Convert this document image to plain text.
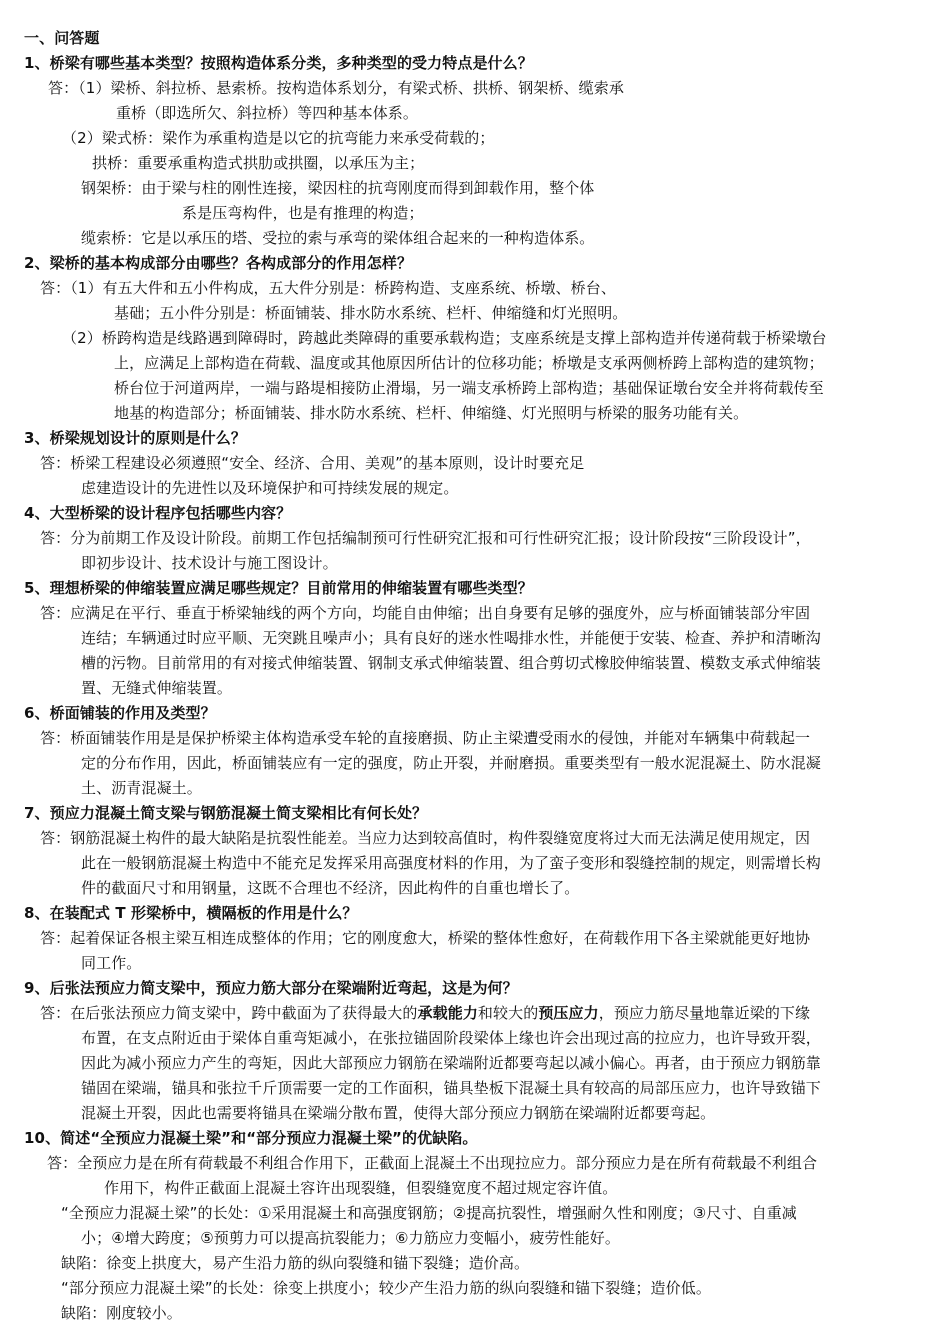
一、问答题
1、桥梁有哪些基本类型？按照构造体系分类，多种类型的受力特点是什么？
答：（1）梁桥、斜拉桥、悬索桥。按构造体系划分，有梁式桥、拱桥、钢架桥、缆索承
重桥（即选所欠、斜拉桥）等四种基本体系。
（2）梁式桥：梁作为承重构造是以它的抗弯能力来承受荷载的；
拱桥：重要承重构造式拱肋或拱圈，以承压为主；
钢架桥：由于梁与柱的刚性连接，梁因柱的抗弯刚度而得到卸载作用，整个体
系是压弯构件，也是有推理的构造；
缆索桥：它是以承压的塔、受拉的索与承弯的梁体组合起来的一种构造体系。
2、梁桥的基本构成部分由哪些？各构成部分的作用怎样？
答：（1）有五大件和五小件构成，五大件分别是：桥跨构造、支座系统、桥墩、桥台、
基础；五小件分别是：桥面铺装、排水防水系统、栏杆、伸缩缝和灯光照明。
（2）桥跨构造是线路遇到障碍时，跨越此类障碍的重要承载构造；支座系统是支撑上部构造并传递荷载于桥梁墩台
上，应满足上部构造在荷载、温度或其他原因所估计的位移功能；桥墩是支承两侧桥跨上部构造的建筑物；
桥台位于河道两岸，一端与路堤相接防止滑塌，另一端支承桥跨上部构造；基础保证墩台安全并将荷载传至
地基的构造部分；桥面铺装、排水防水系统、栏杆、伸缩缝、灯光照明与桥梁的服务功能有关。
3、桥梁规划设计的原则是什么？
答：桥梁工程建设必须遵照“安全、经济、合用、美观”的基本原则，设计时要充足
虑建造设计的先进性以及环境保护和可持续发展的规定。
4、大型桥梁的设计程序包括哪些内容？
答：分为前期工作及设计阶段。前期工作包括编制预可行性研究汇报和可行性研究汇报；设计阶段按“三阶段设计”，
即初步设计、技术设计与施工图设计。
5、理想桥梁的伸缩装置应满足哪些规定？目前常用的伸缩装置有哪些类型？
答：应满足在平行、垂直于桥梁轴线的两个方向，均能自由伸缩；出自身要有足够的强度外，应与桥面铺装部分牢固
连结；车辆通过时应平顺、无突跳且噪声小；具有良好的迷水性喝排水性，并能便于安装、检查、养护和清晰沟
槽的污物。目前常用的有对接式伸缩装置、钢制支承式伸缩装置、组合剪切式橡胶伸缩装置、模数支承式伸缩装
置、无缝式伸缩装置。
6、桥面铺装的作用及类型？
答：桥面铺装作用是是保护桥梁主体构造承受车轮的直接磨损、防止主梁遭受雨水的侵蚀，并能对车辆集中荷载起一
定的分布作用，因此，桥面铺装应有一定的强度，防止开裂，并耐磨损。重要类型有一般水泥混凝土、防水混凝
土、沥青混凝土。
7、预应力混凝土简支梁与钢筋混凝土简支梁相比有何长处？
答：钢筋混凝土构件的最大缺陷是抗裂性能差。当应力达到较高值时，构件裂缝宽度将过大而无法满足使用规定，因
此在一般钢筋混凝土构造中不能充足发挥采用高强度材料的作用，为了蛮子变形和裂缝控制的规定，则需增长构
件的截面尺寸和用钢量，这既不合理也不经济，因此构件的自重也增长了。
8、在装配式 T 形梁桥中，横隔板的作用是什么？
答：起着保证各根主梁互相连成整体的作用；它的刚度愈大，桥梁的整体性愈好，在荷载作用下各主梁就能更好地协
同工作。
9、后张法预应力简支梁中，预应力筋大部分在梁端附近弯起，这是为何？
答：在后张法预应力简支梁中，跨中截面为了获得最大的承载能力和较大的预压应力，预应力筋尽量地靠近梁的下缘
布置，在支点附近由于梁体自重弯矩减小，在张拉锚固阶段梁体上缘也许会出现过高的拉应力，也许导致开裂，
因此为减小预应力产生的弯矩，因此大部预应力钢筋在梁端附近都要弯起以减小偏心。再者，由于预应力钢筋靠
锚固在梁端，锚具和张拉千斤顶需要一定的工作面积，锚具垫板下混凝土具有较高的局部压应力，也许导致锚下
混凝土开裂，因此也需要将锚具在梁端分散布置，使得大部分预应力钢筋在梁端附近都要弯起。
10、简述“全预应力混凝土梁”和“部分预应力混凝土梁”的优缺陷。
答：全预应力是在所有荷载最不利组合作用下，正截面上混凝土不出现拉应力。部分预应力是在所有荷载最不利组合
作用下，构件正截面上混凝土容许出现裂缝，但裂缝宽度不超过规定容许值。
“全预应力混凝土梁”的长处：①采用混凝土和高强度钢筋；②提高抗裂性，增强耐久性和刚度；③尺寸、自重减
小；④增大跨度；⑤预剪力可以提高抗裂能力；⑥力筋应力变幅小，疲劳性能好。
缺陷：徐变上拱度大，易产生沿力筋的纵向裂缝和锚下裂缝；造价高。
“部分预应力混凝土梁”的长处：徐变上拱度小；较少产生沿力筋的纵向裂缝和锚下裂缝；造价低。
缺陷：刚度较小。
